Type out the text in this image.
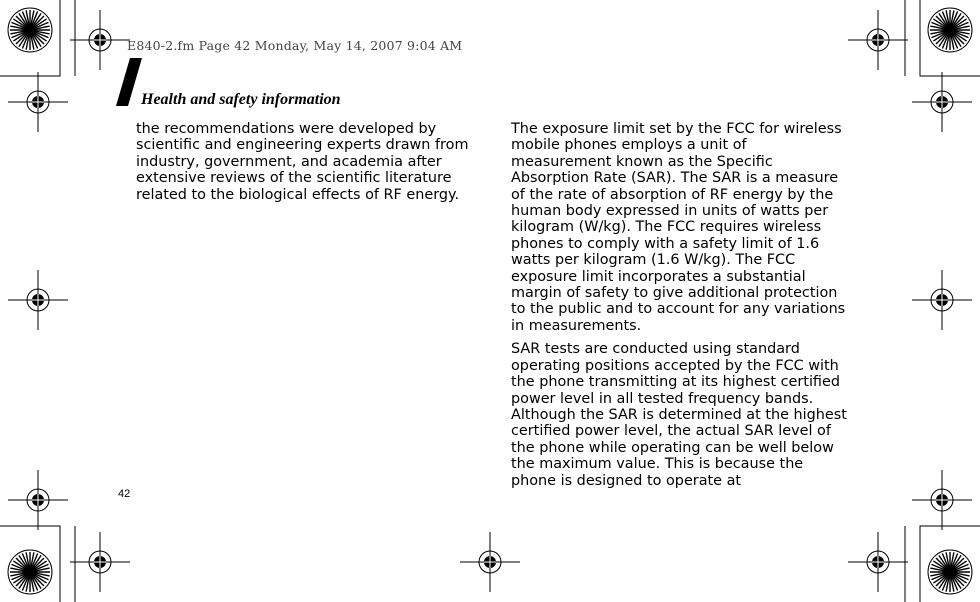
E840-2.fm Page 42 Monday, May 14, 2007 9:04 AM
Health and safety information

the recommendations were developed by scientific and engineering experts drawn from industry, government, and academia after extensive reviews of the scientific literature related to the biological effects of RF energy.

The exposure limit set by the FCC for wireless mobile phones employs a unit of measurement known as the Specific Absorption Rate (SAR). The SAR is a measure of the rate of absorption of RF energy by the human body expressed in units of watts per kilogram (W/kg). The FCC requires wireless phones to comply with a safety limit of 1.6 watts per kilogram (1.6 W/kg). The FCC exposure limit incorporates a substantial margin of safety to give additional protection to the public and to account for any variations in measurements.

SAR tests are conducted using standard operating positions accepted by the FCC with the phone transmitting at its highest certified power level in all tested frequency bands. Although the SAR is determined at the highest certified power level, the actual SAR level of the phone while operating can be well below the maximum value. This is because the phone is designed to operate at

42
